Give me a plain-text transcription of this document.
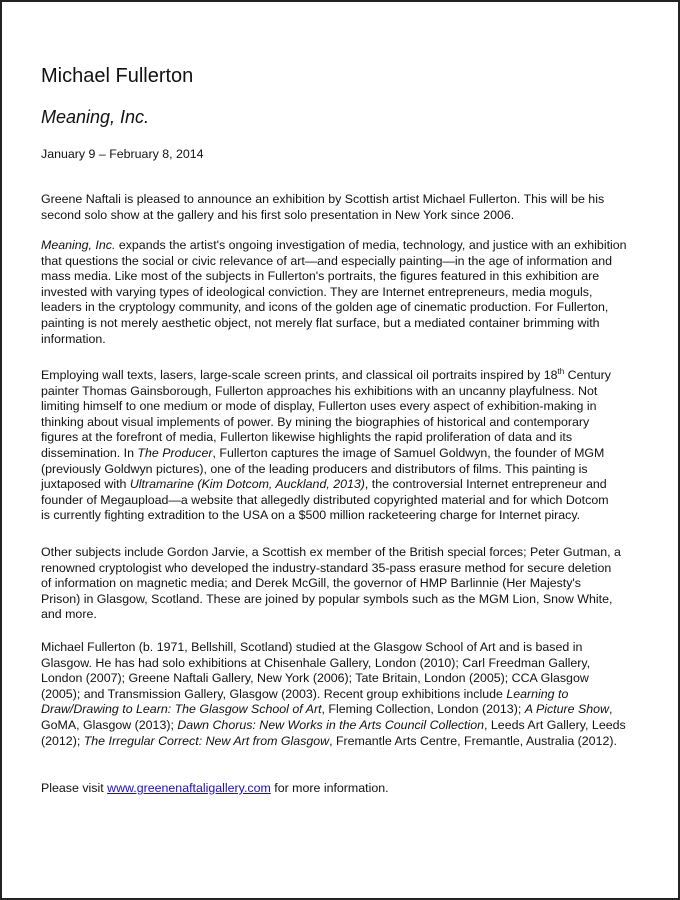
Michael Fullerton
Meaning, Inc.
January 9 – February 8, 2014

Greene Naftali is pleased to announce an exhibition by Scottish artist Michael Fullerton. This will be his
second solo show at the gallery and his first solo presentation in New York since 2006.

Meaning, Inc. expands the artist's ongoing investigation of media, technology, and justice with an exhibition
that questions the social or civic relevance of art—and especially painting—in the age of information and
mass media. Like most of the subjects in Fullerton's portraits, the figures featured in this exhibition are
invested with varying types of ideological conviction. They are Internet entrepreneurs, media moguls,
leaders in the cryptology community, and icons of the golden age of cinematic production. For Fullerton,
painting is not merely aesthetic object, not merely flat surface, but a mediated container brimming with
information.

Employing wall texts, lasers, large-scale screen prints, and classical oil portraits inspired by 18th Century
painter Thomas Gainsborough, Fullerton approaches his exhibitions with an uncanny playfulness. Not
limiting himself to one medium or mode of display, Fullerton uses every aspect of exhibition-making in
thinking about visual implements of power. By mining the biographies of historical and contemporary
figures at the forefront of media, Fullerton likewise highlights the rapid proliferation of data and its
dissemination. In The Producer, Fullerton captures the image of Samuel Goldwyn, the founder of MGM
(previously Goldwyn pictures), one of the leading producers and distributors of films. This painting is
juxtaposed with Ultramarine (Kim Dotcom, Auckland, 2013), the controversial Internet entrepreneur and
founder of Megaupload—a website that allegedly distributed copyrighted material and for which Dotcom
is currently fighting extradition to the USA on a $500 million racketeering charge for Internet piracy.

Other subjects include Gordon Jarvie, a Scottish ex member of the British special forces; Peter Gutman, a
renowned cryptologist who developed the industry-standard 35-pass erasure method for secure deletion
of information on magnetic media; and Derek McGill, the governor of HMP Barlinnie (Her Majesty's
Prison) in Glasgow, Scotland. These are joined by popular symbols such as the MGM Lion, Snow White,
and more.

Michael Fullerton (b. 1971, Bellshill, Scotland) studied at the Glasgow School of Art and is based in
Glasgow. He has had solo exhibitions at Chisenhale Gallery, London (2010); Carl Freedman Gallery,
London (2007); Greene Naftali Gallery, New York (2006); Tate Britain, London (2005); CCA Glasgow
(2005); and Transmission Gallery, Glasgow (2003). Recent group exhibitions include Learning to
Draw/Drawing to Learn: The Glasgow School of Art, Fleming Collection, London (2013); A Picture Show,
GoMA, Glasgow (2013); Dawn Chorus: New Works in the Arts Council Collection, Leeds Art Gallery, Leeds
(2012); The Irregular Correct: New Art from Glasgow, Fremantle Arts Centre, Fremantle, Australia (2012).

Please visit www.greenenaftaligallery.com for more information.
